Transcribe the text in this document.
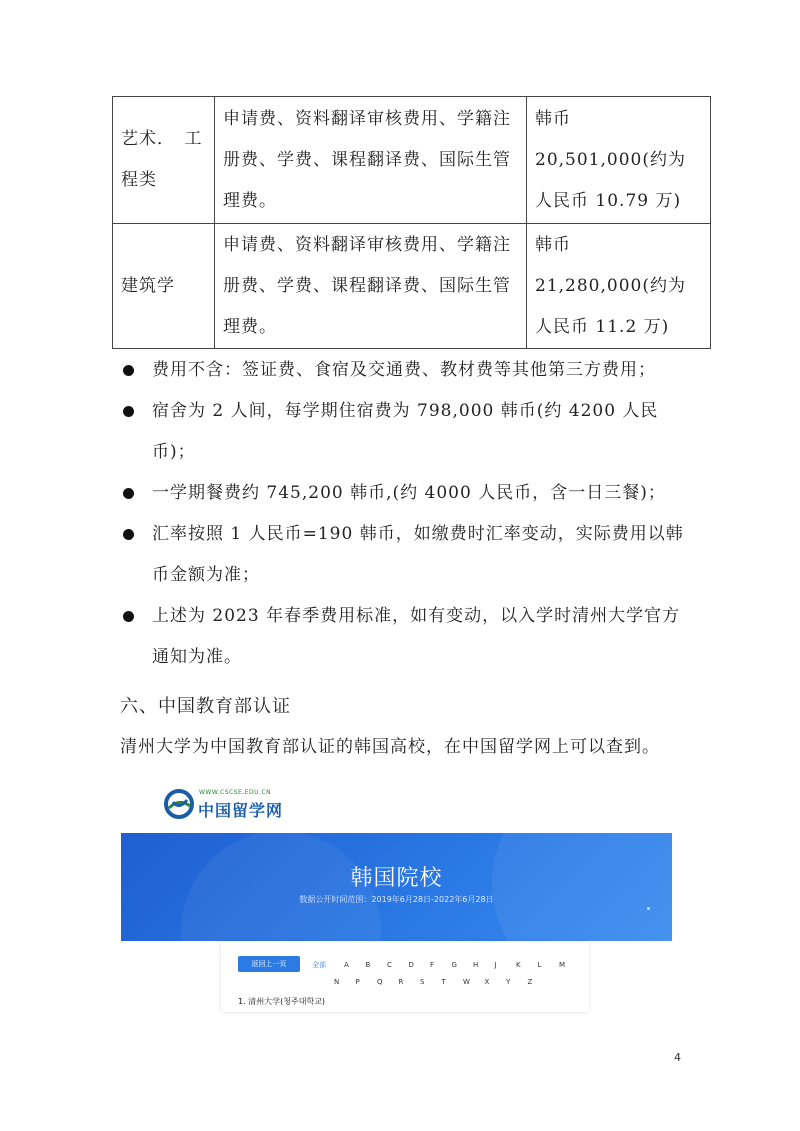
艺术．　工程类	申请费、资料翻译审核费用、学籍注册费、学费、课程翻译费、国际生管理费。	韩币 20,501,000(约为人民币 10.79 万)
建筑学	申请费、资料翻译审核费用、学籍注册费、学费、课程翻译费、国际生管理费。	韩币 21,280,000(约为人民币 11.2 万)
费用不含：签证费、食宿及交通费、教材费等其他第三方费用；
宿舍为 2 人间，每学期住宿费为 798,000 韩币(约 4200 人民币)；
一学期餐费约 745,200 韩币,(约 4000 人民币，含一日三餐)；
汇率按照 1 人民币=190 韩币，如缴费时汇率变动，实际费用以韩币金额为准；
上述为 2023 年春季费用标准，如有变动，以入学时清州大学官方通知为准。
六、中国教育部认证

清州大学为中国教育部认证的韩国高校，在中国留学网上可以查到。

WWW.CSCSE.EDU.CN
中国留学网
韩国院校
数据公开时间范围：2019年6月28日-2022年6月28日
返回上一页	全部	A B C D F G H J	K L	M
N P Q R S T W X Y Z
1. 清州大学(청주대학교)
4
